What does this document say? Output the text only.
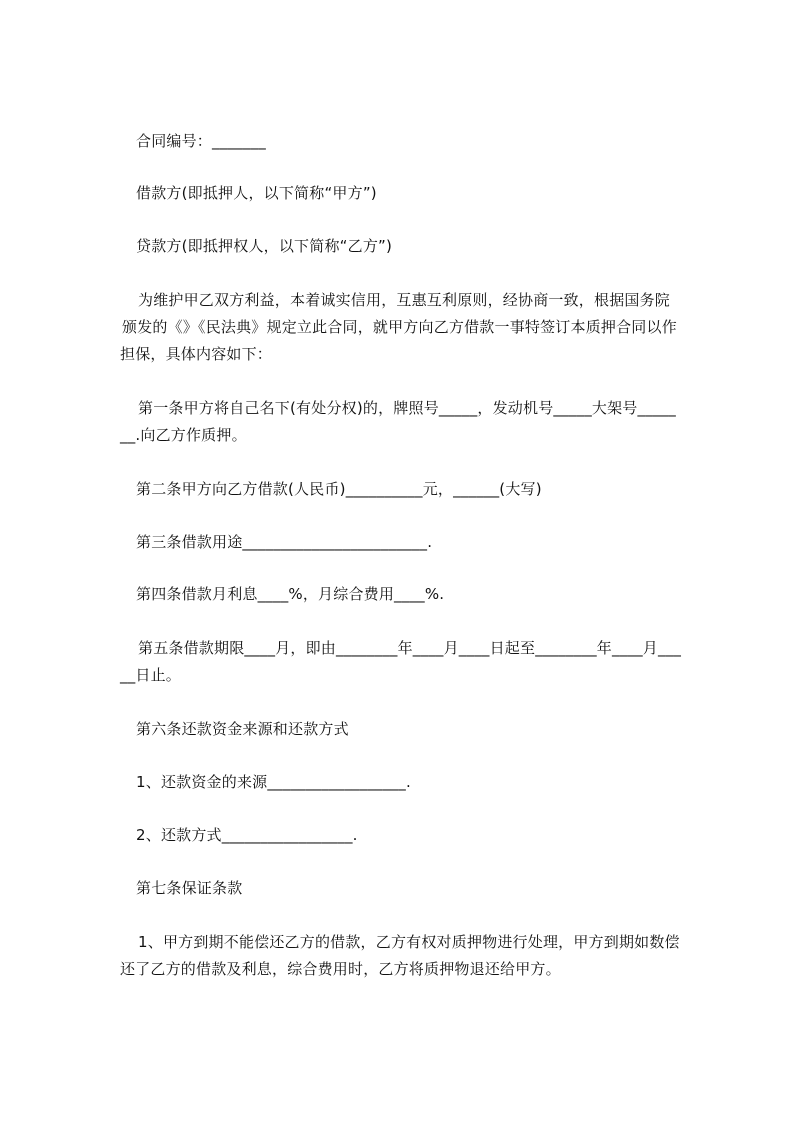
合同编号：_______
借款方(即抵押人，以下简称“甲方”)
贷款方(即抵押权人，以下简称“乙方”)
为维护甲乙双方利益，本着诚实信用，互惠互利原则，经协商一致，根据国务院
颁发的《》《民法典》规定立此合同，就甲方向乙方借款一事特签订本质押合同以作
担保，具体内容如下：
第一条甲方将自己名下(有处分权)的，牌照号_____，发动机号_____大架号_____
__.向乙方作质押。
第二条甲方向乙方借款(人民币)__________元，______(大写)
第三条借款用途________________________.
第四条借款月利息____%，月综合费用____%.
第五条借款期限____月，即由________年____月____日起至________年____月___
__日止。
第六条还款资金来源和还款方式
1、还款资金的来源__________________.
2、还款方式_________________.
第七条保证条款
1、甲方到期不能偿还乙方的借款，乙方有权对质押物进行处理，甲方到期如数偿
还了乙方的借款及利息，综合费用时，乙方将质押物退还给甲方。
